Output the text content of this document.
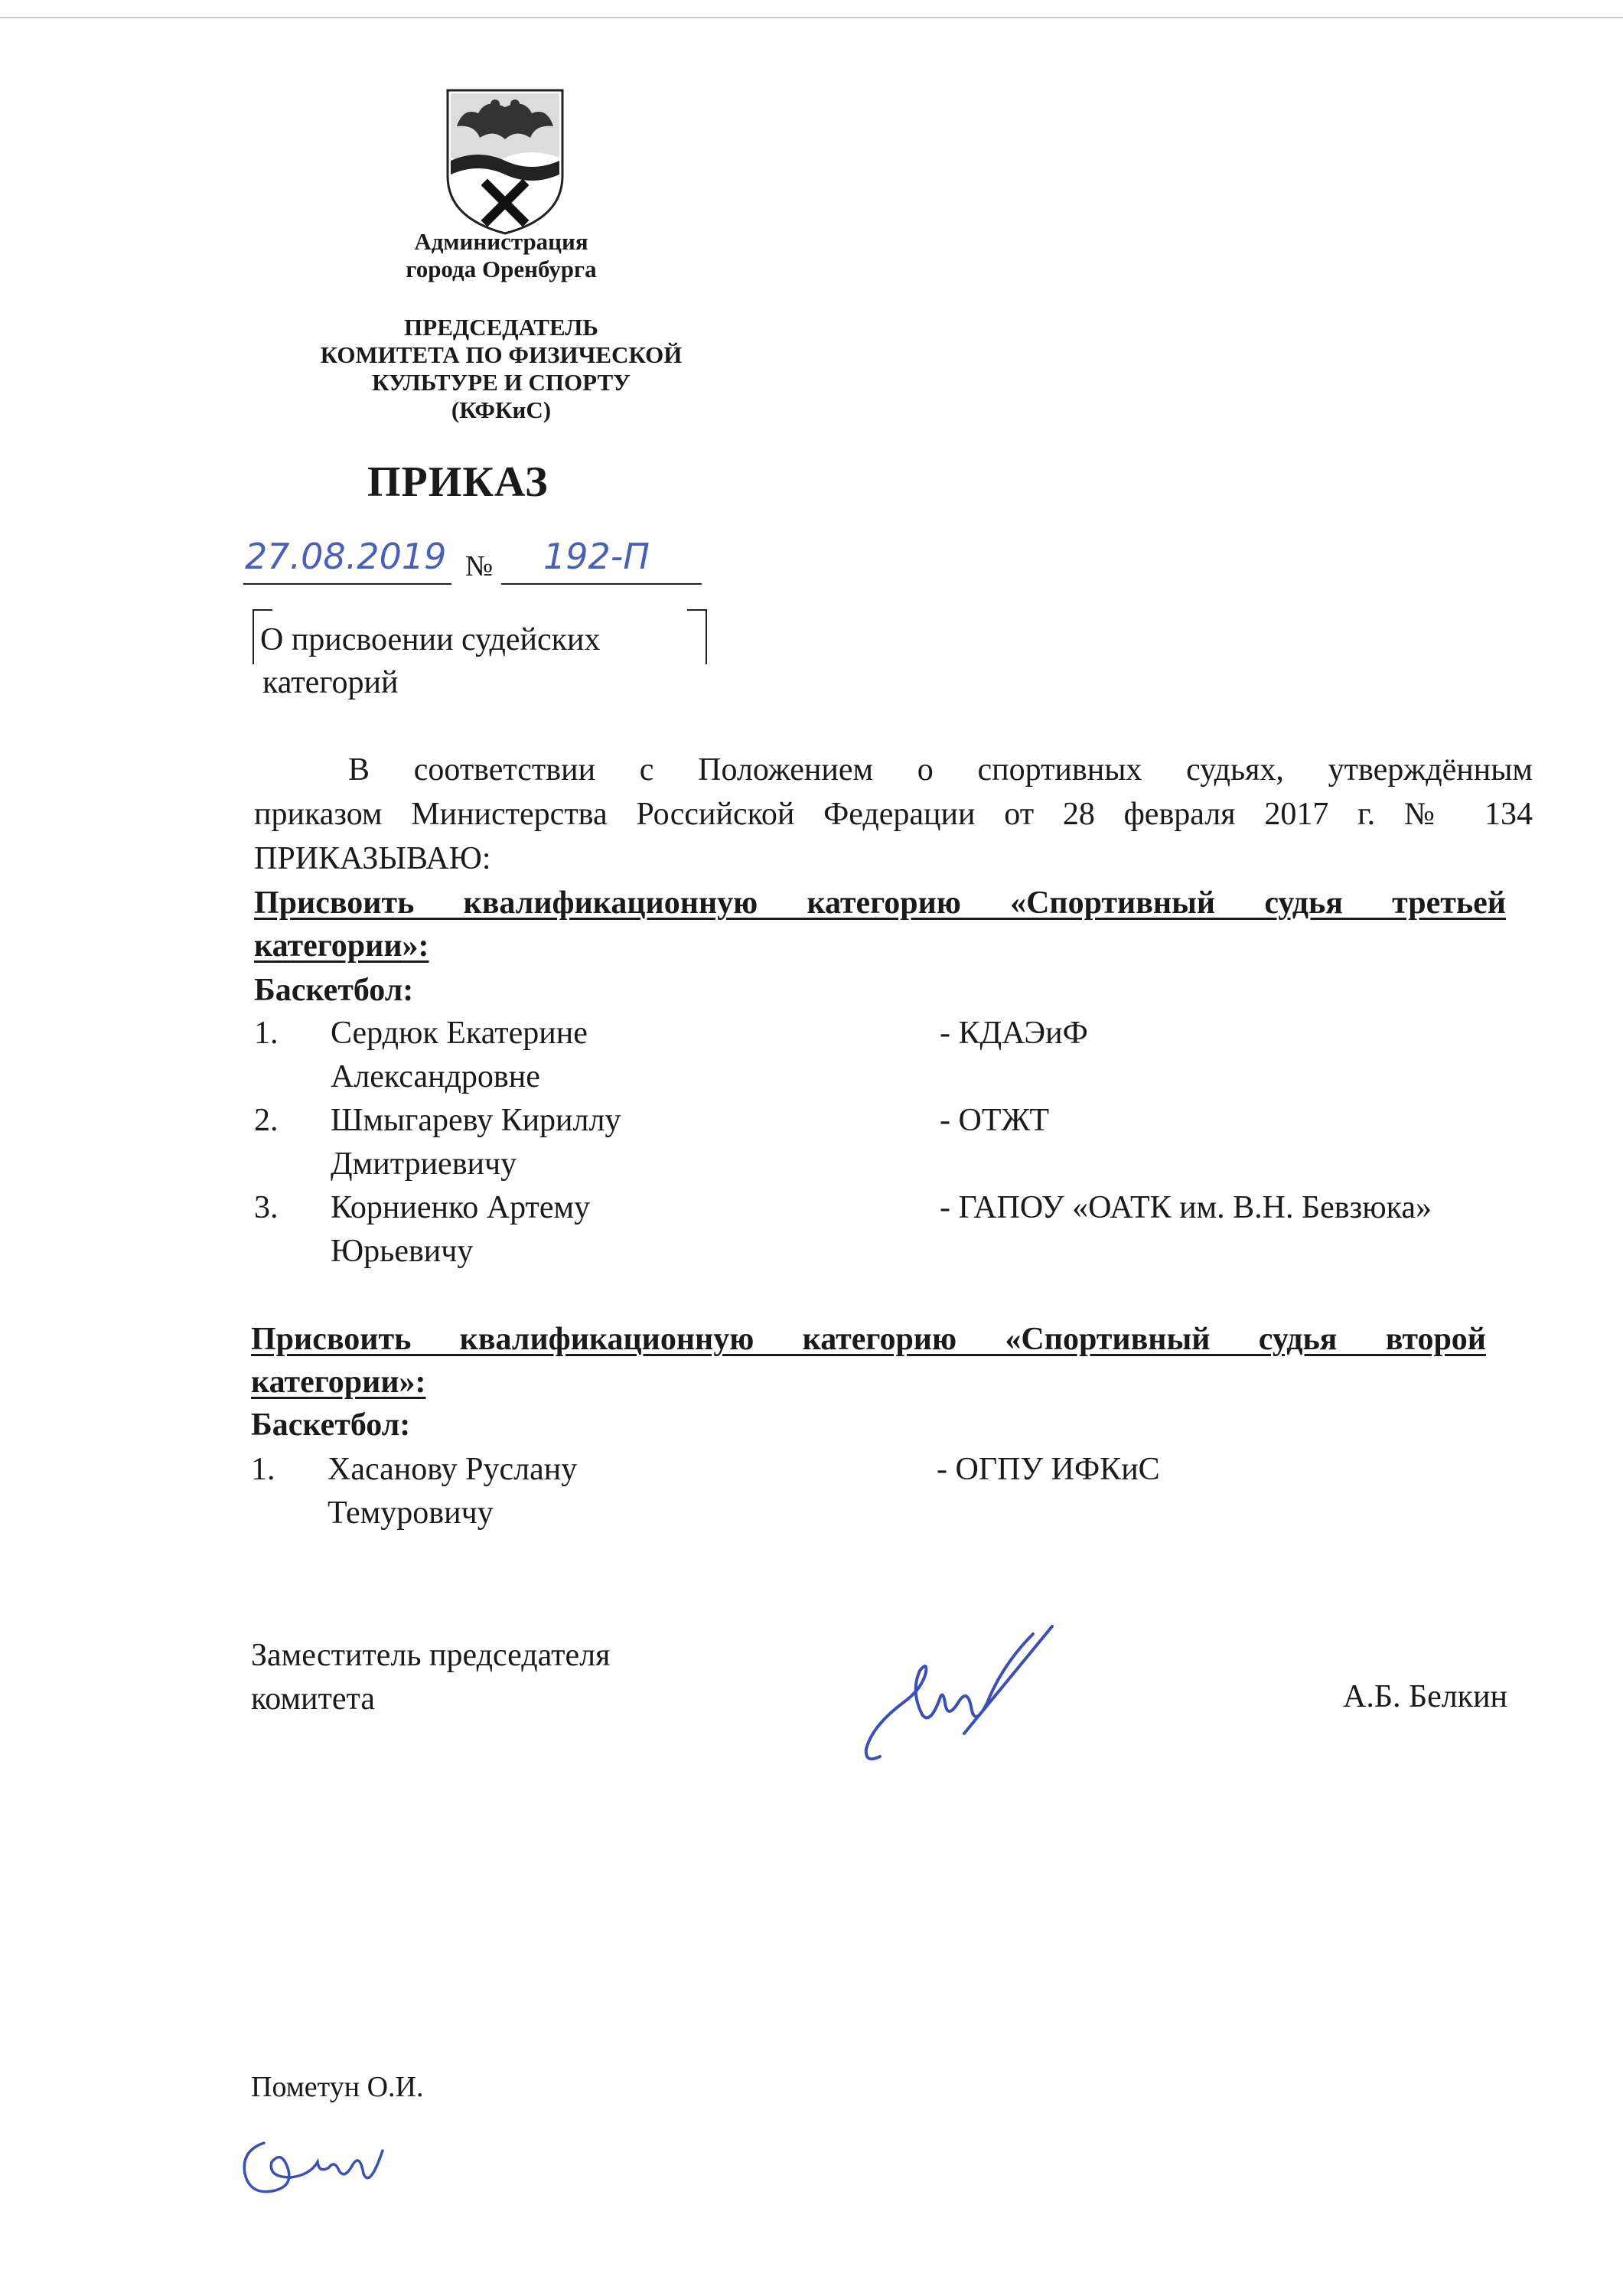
Администрация
города Оренбурга
ПРЕДСЕДАТЕЛЬ
КОМИТЕТА ПО ФИЗИЧЕСКОЙ
КУЛЬТУРЕ И СПОРТУ
(КФКиС)
ПРИКАЗ
27.08.2019 № 192-П
О присвоении судейских
категорий
В соответствии с Положением о спортивных судьях, утверждённым
приказом Министерства Российской Федерации от 28 февраля 2017 г. № 134
ПРИКАЗЫВАЮ:
Присвоить квалификационную категорию «Спортивный судья третьей
категории»:
Баскетбол:
1. Сердюк Екатерине
Александровне
- КДАЭиФ
2. Шмыгареву Кириллу
Дмитриевичу
- ОТЖТ
3. Корниенко Артему
Юрьевичу
- ГАПОУ «ОАТК им. В.Н. Бевзюка»
Присвоить квалификационную категорию «Спортивный судья второй
категории»:
Баскетбол:
1. Хасанову Руслану
Темуровичу
- ОГПУ ИФКиС
Заместитель председателя
комитета	А.Б. Белкин
Пометун О.И.
